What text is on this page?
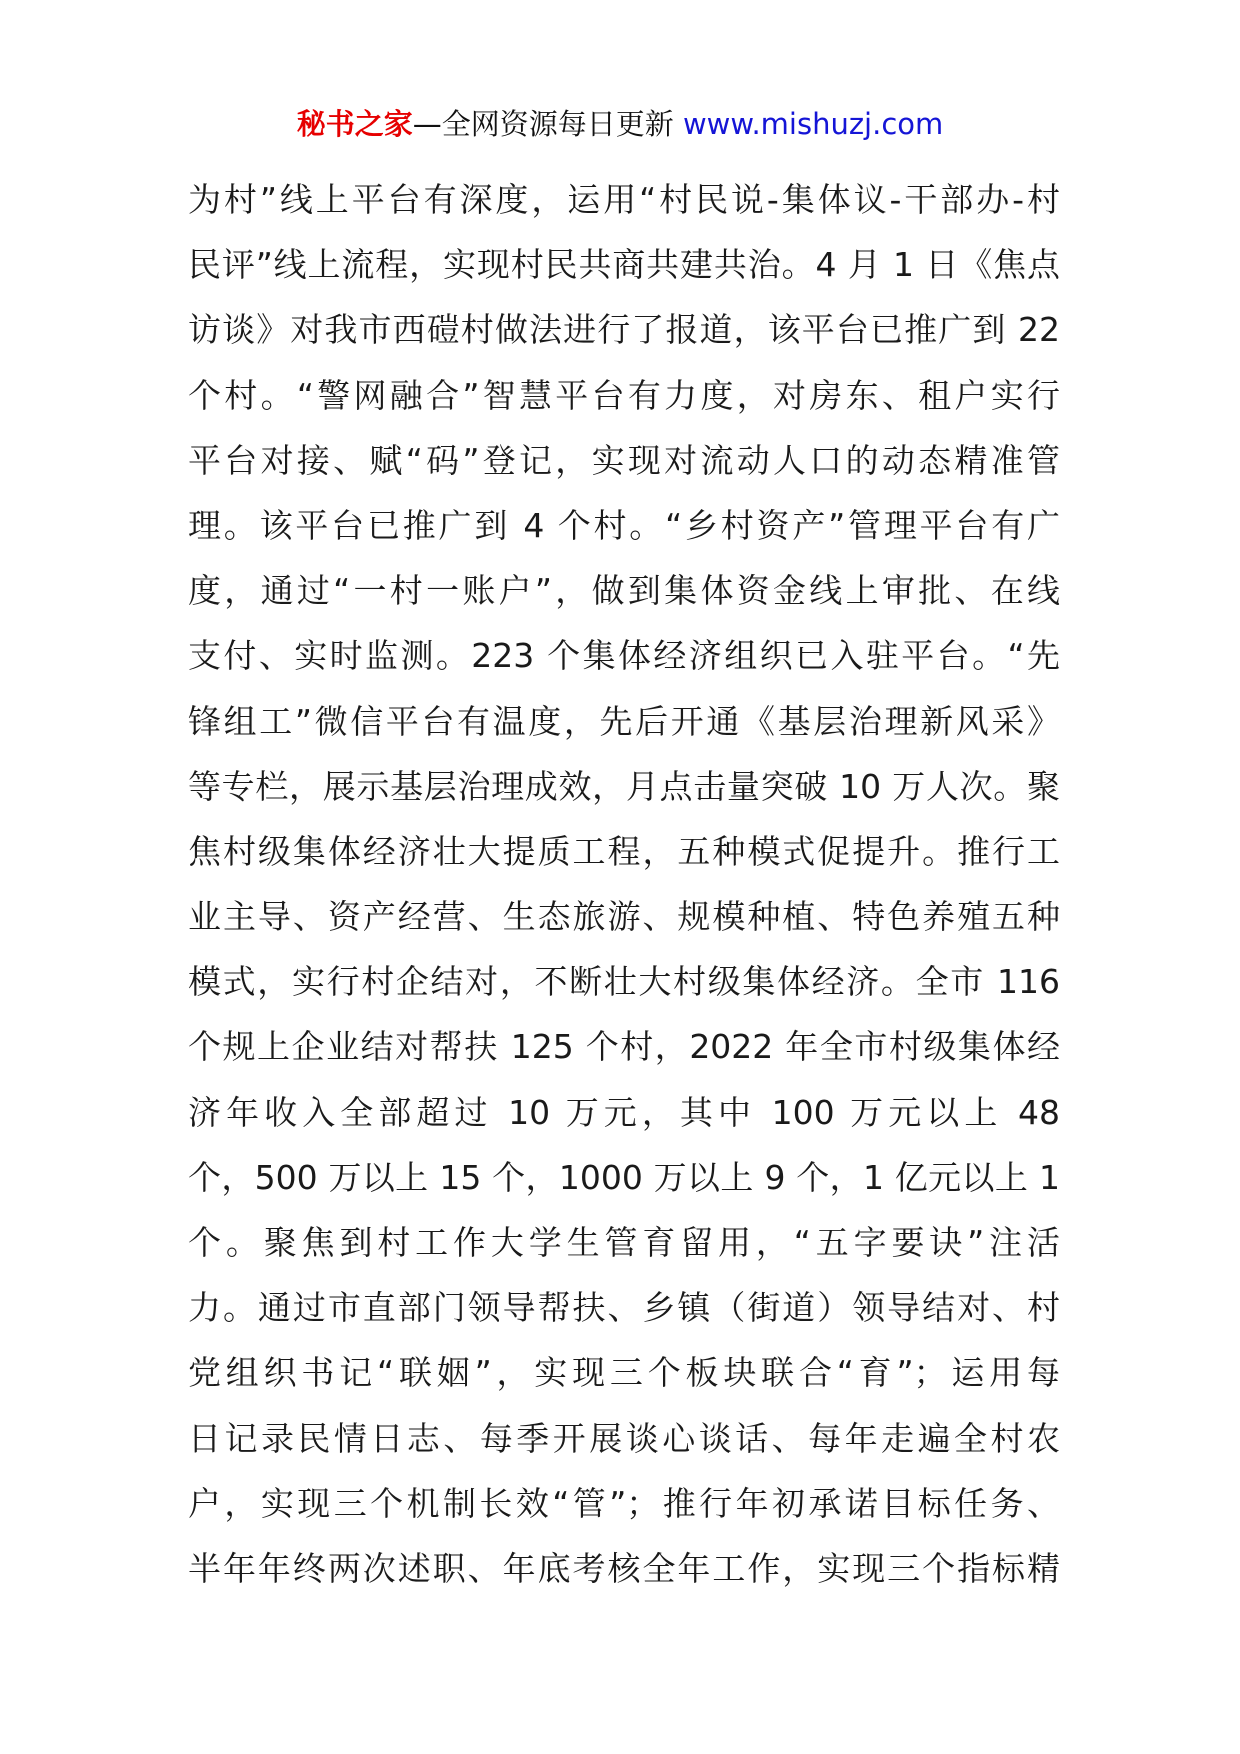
秘书之家—全网资源每日更新 www.mishuzj.com
为村”线上平台有深度，运用“村民说-集体议-干部办-村
民评”线上流程，实现村民共商共建共治。4 月 1 日《焦点
访谈》对我市西磑村做法进行了报道，该平台已推广到 22
个村。“警网融合”智慧平台有力度，对房东、租户实行
平台对接、赋“码”登记，实现对流动人口的动态精准管
理。该平台已推广到 4 个村。“乡村资产”管理平台有广
度，通过“一村一账户”，做到集体资金线上审批、在线
支付、实时监测。223 个集体经济组织已入驻平台。“先
锋组工”微信平台有温度，先后开通《基层治理新风采》
等专栏，展示基层治理成效，月点击量突破 10 万人次。聚
焦村级集体经济壮大提质工程，五种模式促提升。推行工
业主导、资产经营、生态旅游、规模种植、特色养殖五种
模式，实行村企结对，不断壮大村级集体经济。全市 116
个规上企业结对帮扶 125 个村，2022 年全市村级集体经
济年收入全部超过 10 万元，其中 100 万元以上 48
个，500 万以上 15 个，1000 万以上 9 个，1 亿元以上 1
个。聚焦到村工作大学生管育留用，“五字要诀”注活
力。通过市直部门领导帮扶、乡镇（街道）领导结对、村
党组织书记“联姻”，实现三个板块联合“育”；运用每
日记录民情日志、每季开展谈心谈话、每年走遍全村农
户，实现三个机制长效“管”；推行年初承诺目标任务、
半年年终两次述职、年底考核全年工作，实现三个指标精
